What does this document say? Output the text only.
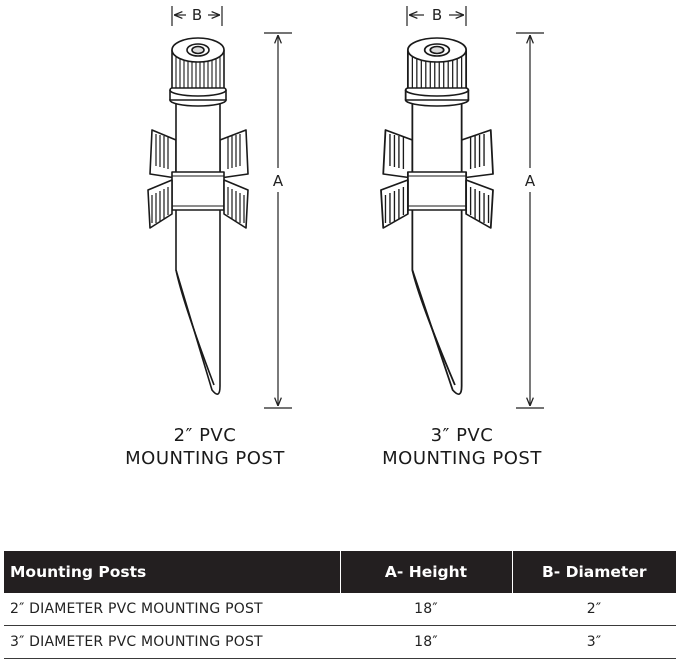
B
A
B
A
2″ PVC
MOUNTING POST
3″ PVC
MOUNTING POST
Mounting Posts	A- Height	B- Diameter
2″ DIAMETER PVC MOUNTING POST	18″	2″
3″ DIAMETER PVC MOUNTING POST	18″	3″
